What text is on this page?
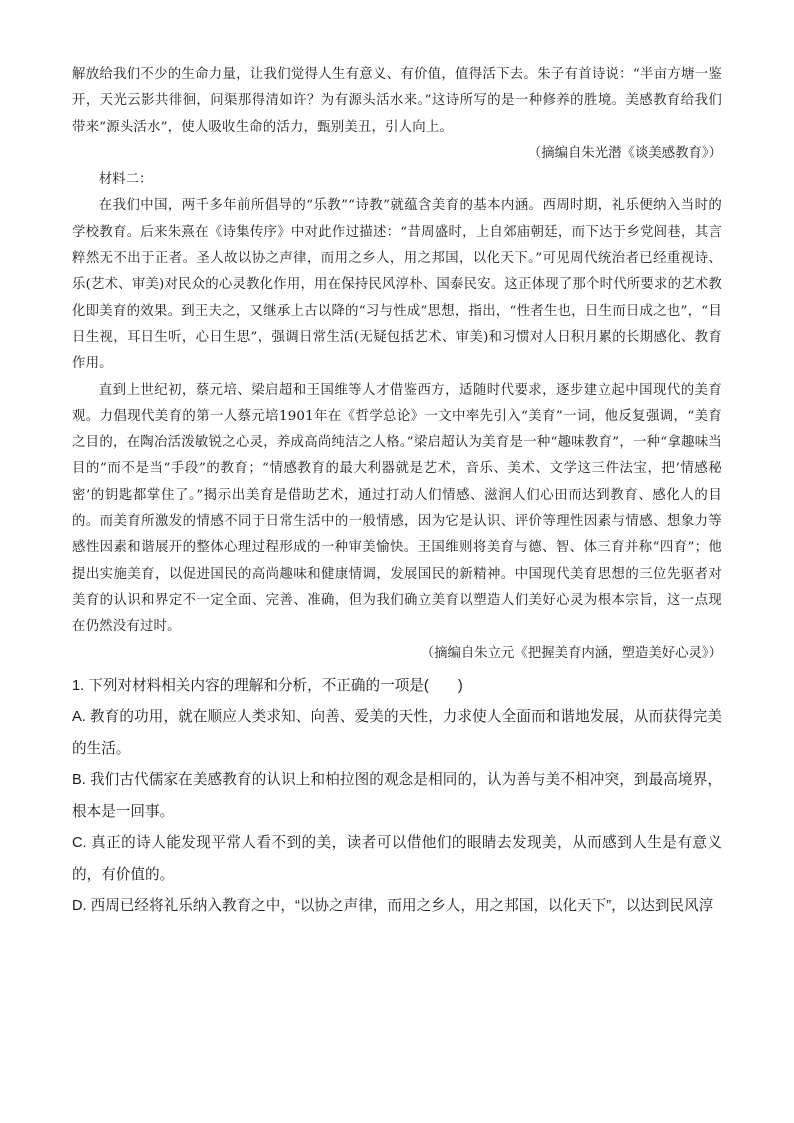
解放给我们不少的生命力量，让我们觉得人生有意义、有价值，值得活下去。朱子有首诗说：“半亩方塘一鉴开，天光云影共徘徊，问渠那得清如许？为有源头活水来。”这诗所写的是一种修养的胜境。美感教育给我们带来“源头活水”，使人吸收生命的活力，甄别美丑，引人向上。

（摘编自朱光潜《谈美感教育》）

材料二：

在我们中国，两千多年前所倡导的“乐教”“诗教”就蕴含美育的基本内涵。西周时期，礼乐便纳入当时的学校教育。后来朱熹在《诗集传序》中对此作过描述：“昔周盛时，上自郊庙朝廷，而下达于乡党闾巷，其言粹然无不出于正者。圣人故以协之声律，而用之乡人，用之邦国，以化天下。”可见周代统治者已经重视诗、乐(艺术、审美)对民众的心灵教化作用，用在保持民风淳朴、国泰民安。这正体现了那个时代所要求的艺术教化即美育的效果。到王夫之，又继承上古以降的“习与性成”思想，指出，“性者生也，日生而日成之也”，“目日生视，耳日生听，心日生思”，强调日常生活(无疑包括艺术、审美)和习惯对人日积月累的长期感化、教育作用。

直到上世纪初，蔡元培、梁启超和王国维等人才借鉴西方，适随时代要求，逐步建立起中国现代的美育观。力倡现代美育的第一人蔡元培1901年在《哲学总论》一文中率先引入“美育”一词，他反复强调，“美育之目的，在陶冶活泼敏锐之心灵，养成高尚纯洁之人格。”梁启超认为美育是一种“趣味教育”，一种“拿趣味当目的”而不是当“手段”的教育；“情感教育的最大利器就是艺术，音乐、美术、文学这三件法宝，把‘情感秘密’的钥匙都掌住了。”揭示出美育是借助艺术，通过打动人们情感、滋润人们心田而达到教育、感化人的目的。而美育所激发的情感不同于日常生活中的一般情感，因为它是认识、评价等理性因素与情感、想象力等感性因素和谐展开的整体心理过程形成的一种审美愉快。王国维则将美育与德、智、体三育并称“四育”；他提出实施美育，以促进国民的高尚趣味和健康情调，发展国民的新精神。中国现代美育思想的三位先驱者对美育的认识和界定不一定全面、完善、准确，但为我们确立美育以塑造人们美好心灵为根本宗旨，这一点现在仍然没有过时。

（摘编自朱立元《把握美育内涵，塑造美好心灵》）

1. 下列对材料相关内容的理解和分析，不正确的一项是(　　)

A. 教育的功用，就在顺应人类求知、向善、爱美的天性，力求使人全面而和谐地发展，从而获得完美的生活。

B. 我们古代儒家在美感教育的认识上和柏拉图的观念是相同的，认为善与美不相冲突，到最高境界，根本是一回事。

C. 真正的诗人能发现平常人看不到的美，读者可以借他们的眼睛去发现美，从而感到人生是有意义的，有价值的。

D. 西周已经将礼乐纳入教育之中，“以协之声律，而用之乡人，用之邦国，以化天下”，以达到民风淳
